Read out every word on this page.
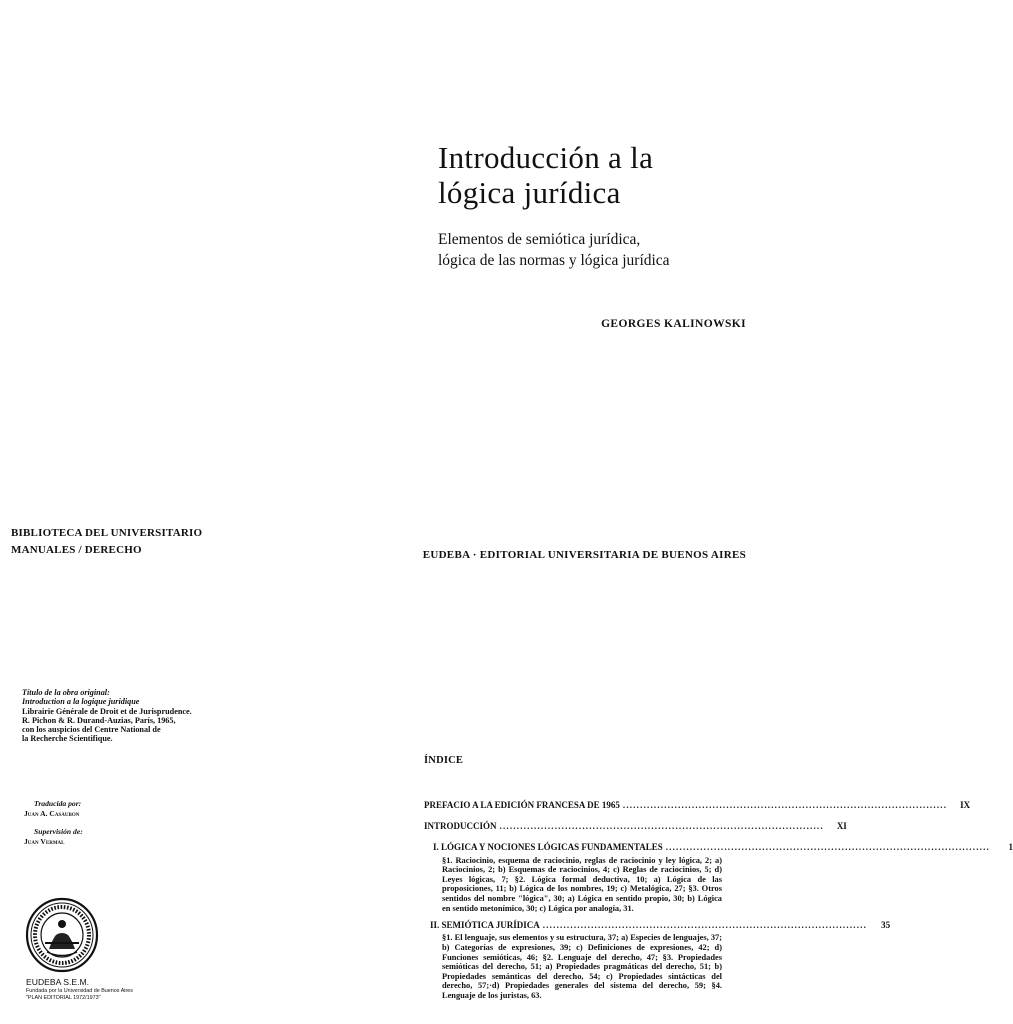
Introducción a la
lógica jurídica
Elementos de semiótica jurídica,
lógica de las normas y lógica jurídica
GEORGES KALINOWSKI
BIBLIOTECA DEL UNIVERSITARIO
MANUALES / DERECHO	EUDEBA · EDITORIAL UNIVERSITARIA DE BUENOS AIRES
Título de la obra original:
Introduction a la logique juridique
Librairie Générale de Droit et de Jurisprudence.
R. Pichon & R. Durand-Auzias, París, 1965,
con los auspicios del Centre National de
la Recherche Scientifique.
Traducida por:
Juan A. Casaubon
Supervisión de:
Juan Vermal
EUDEBA S.E.M.
Fundada por la Universidad de Buenos Aires
"PLAN EDITORIAL 1972/1973"
ÍNDICE
PREFACIO A LA EDICIÓN FRANCESA DE 1965 ..............................................................................................	IX
INTRODUCCIÓN ..............................................................................................	XI
I. LÓGICA Y NOCIONES LÓGICAS FUNDAMENTALES ..............................................................................................	1
§1. Raciocinio, esquema de raciocinio, reglas de raciocinio y ley lógica, 2; a) Raciocinios, 2; b) Esquemas de raciocinios, 4; c) Reglas de raciocinios, 5; d) Leyes lógicas, 7; §2. Lógica formal deductiva, 10; a) Lógica de las proposiciones, 11; b) Lógica de los nombres, 19; c) Metalógica, 27; §3. Otros sentidos del nombre "lógica", 30; a) Lógica en sentido propio, 30; b) Lógica en sentido metonímico, 30; c) Lógica por analogía, 31.
II. SEMIÓTICA JURÍDICA ..............................................................................................	35
§1. El lenguaje, sus elementos y su estructura, 37; a) Especies de lenguajes, 37; b) Categorías de expresiones, 39; c) Definiciones de expresiones, 42; d) Funciones semióticas, 46; §2. Lenguaje del derecho, 47; §3. Propiedades semióticas del derecho, 51; a) Propiedades pragmáticas del derecho, 51; b) Propiedades semánticas del derecho, 54; c) Propiedades sintácticas del derecho, 57;·d) Propiedades generales del sistema del derecho, 59; §4. Lenguaje de los juristas, 63.
